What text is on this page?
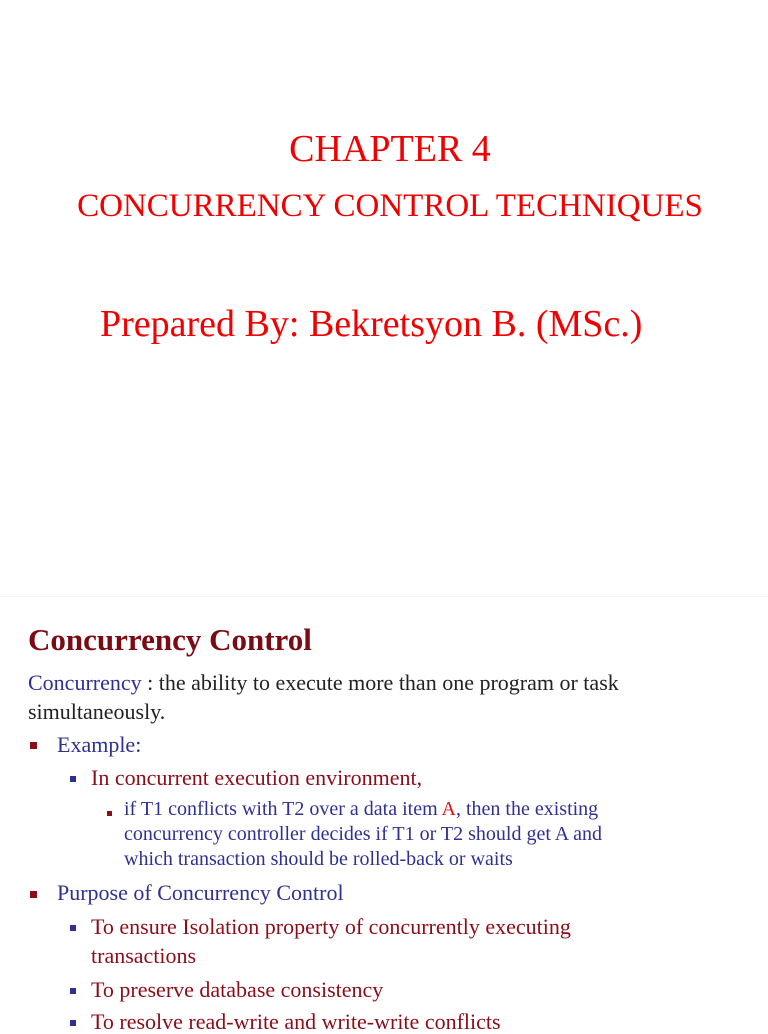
CHAPTER 4
CONCURRENCY CONTROL TECHNIQUES
Prepared By: Bekretsyon B. (MSc.)
Concurrency Control
Concurrency : the ability to execute more than one program or task
simultaneously.
Example:
In concurrent execution environment,
if T1 conflicts with T2 over a data item A, then the existing
concurrency controller decides if T1 or T2 should get A and
which transaction should be rolled-back or waits
Purpose of Concurrency Control
To ensure Isolation property of concurrently executing
transactions
To preserve database consistency
To resolve read-write and write-write conflicts
